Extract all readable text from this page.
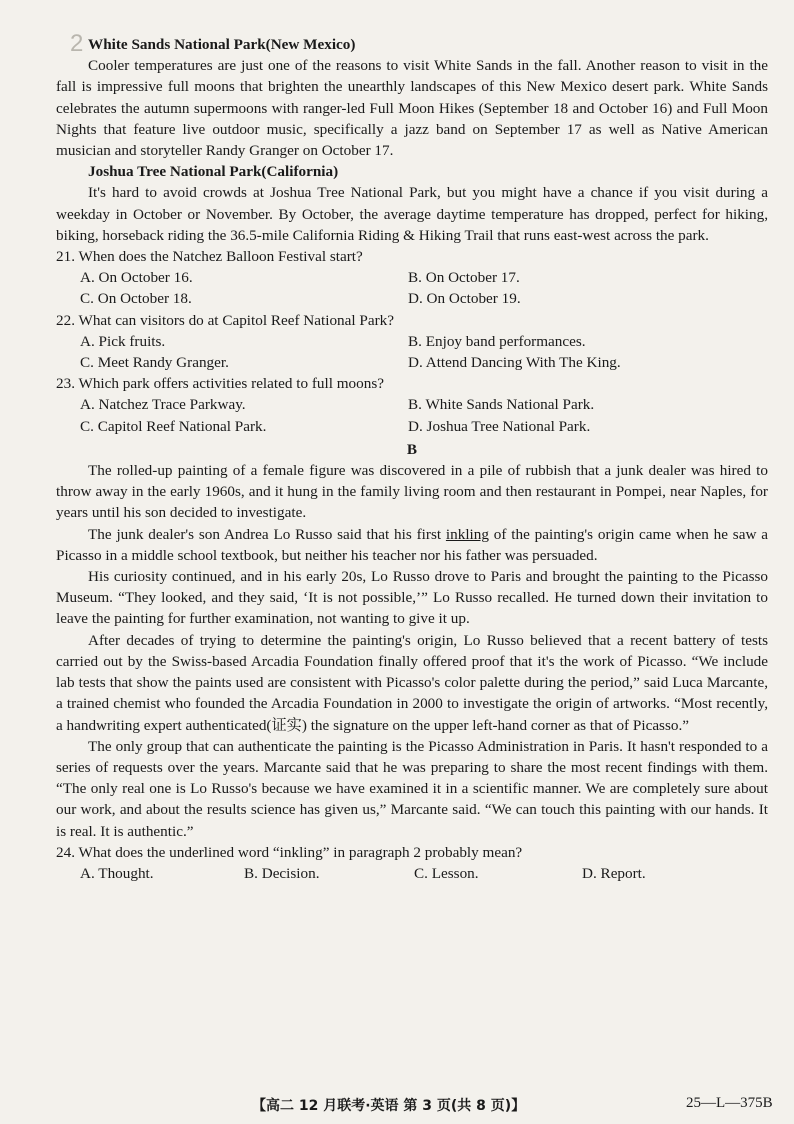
2 White Sands National Park(New Mexico)

Cooler temperatures are just one of the reasons to visit White Sands in the fall. Another reason to visit in the fall is impressive full moons that brighten the unearthly landscapes of this New Mexico desert park. White Sands celebrates the autumn supermoons with ranger-led Full Moon Hikes (September 18 and October 16) and Full Moon Nights that feature live outdoor music, specifically a jazz band on September 17 as well as Native American musician and storyteller Randy Granger on October 17.

Joshua Tree National Park(California)

It's hard to avoid crowds at Joshua Tree National Park, but you might have a chance if you visit during a weekday in October or November. By October, the average daytime temperature has dropped, perfect for hiking, biking, horseback riding the 36.5-mile California Riding & Hiking Trail that runs east-west across the park.

21. When does the Natchez Balloon Festival start?

A. On October 16.	B. On October 17.
C. On October 18.	D. On October 19.

22. What can visitors do at Capitol Reef National Park?

A. Pick fruits.	B. Enjoy band performances.
C. Meet Randy Granger.	D. Attend Dancing With The King.

23. Which park offers activities related to full moons?

A. Natchez Trace Parkway.	B. White Sands National Park.
C. Capitol Reef National Park.	D. Joshua Tree National Park.

B

The rolled-up painting of a female figure was discovered in a pile of rubbish that a junk dealer was hired to throw away in the early 1960s, and it hung in the family living room and then restaurant in Pompei, near Naples, for years until his son decided to investigate.

The junk dealer's son Andrea Lo Russo said that his first inkling of the painting's origin came when he saw a Picasso in a middle school textbook, but neither his teacher nor his father was persuaded.

His curiosity continued, and in his early 20s, Lo Russo drove to Paris and brought the painting to the Picasso Museum. “They looked, and they said, ‘It is not possible,’” Lo Russo recalled. He turned down their invitation to leave the painting for further examination, not wanting to give it up.

After decades of trying to determine the painting's origin, Lo Russo believed that a recent battery of tests carried out by the Swiss-based Arcadia Foundation finally offered proof that it's the work of Picasso. “We include lab tests that show the paints used are consistent with Picasso's color palette during the period,” said Luca Marcante, a trained chemist who founded the Arcadia Foundation in 2000 to investigate the origin of artworks. “Most recently, a handwriting expert authenticated(证实) the signature on the upper left-hand corner as that of Picasso.”

The only group that can authenticate the painting is the Picasso Administration in Paris. It hasn't responded to a series of requests over the years. Marcante said that he was preparing to share the most recent findings with them. “The only real one is Lo Russo's because we have examined it in a scientific manner. We are completely sure about our work, and about the results science has given us,” Marcante said. “We can touch this painting with our hands. It is real. It is authentic.”

24. What does the underlined word “inkling” in paragraph 2 probably mean?

A. Thought.	B. Decision.	C. Lesson.	D. Report.
【高二 12 月联考·英语 第 3 页(共 8 页)】	25—L—375B
